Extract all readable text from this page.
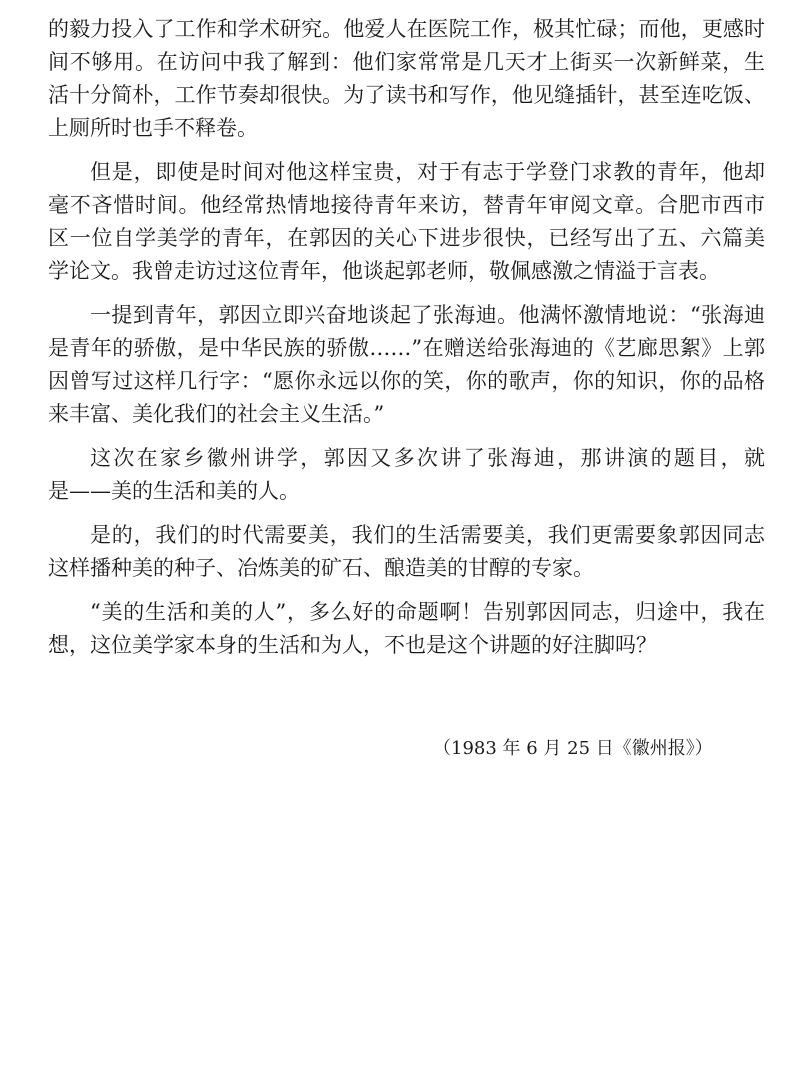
的毅力投入了工作和学术研究。他爱人在医院工作，极其忙碌；而他，更感时
间不够用。在访问中我了解到：他们家常常是几天才上街买一次新鲜菜，生
活十分简朴，工作节奏却很快。为了读书和写作，他见缝插针，甚至连吃饭、
上厕所时也手不释卷。
但是，即使是时间对他这样宝贵，对于有志于学登门求教的青年，他却
毫不吝惜时间。他经常热情地接待青年来访，替青年审阅文章。合肥市西市
区一位自学美学的青年，在郭因的关心下进步很快，已经写出了五、六篇美
学论文。我曾走访过这位青年，他谈起郭老师，敬佩感激之情溢于言表。
一提到青年，郭因立即兴奋地谈起了张海迪。他满怀激情地说：“张海迪
是青年的骄傲，是中华民族的骄傲……”在赠送给张海迪的《艺廊思絮》上郭
因曾写过这样几行字：“愿你永远以你的笑，你的歌声，你的知识，你的品格
来丰富、美化我们的社会主义生活。”
这次在家乡徽州讲学，郭因又多次讲了张海迪，那讲演的题目，就
是——美的生活和美的人。
是的，我们的时代需要美，我们的生活需要美，我们更需要象郭因同志
这样播种美的种子、冶炼美的矿石、酿造美的甘醇的专家。
“美的生活和美的人”，多么好的命题啊！告别郭因同志，归途中，我在
想，这位美学家本身的生活和为人，不也是这个讲题的好注脚吗？
（1983 年 6 月 25 日《徽州报》）
